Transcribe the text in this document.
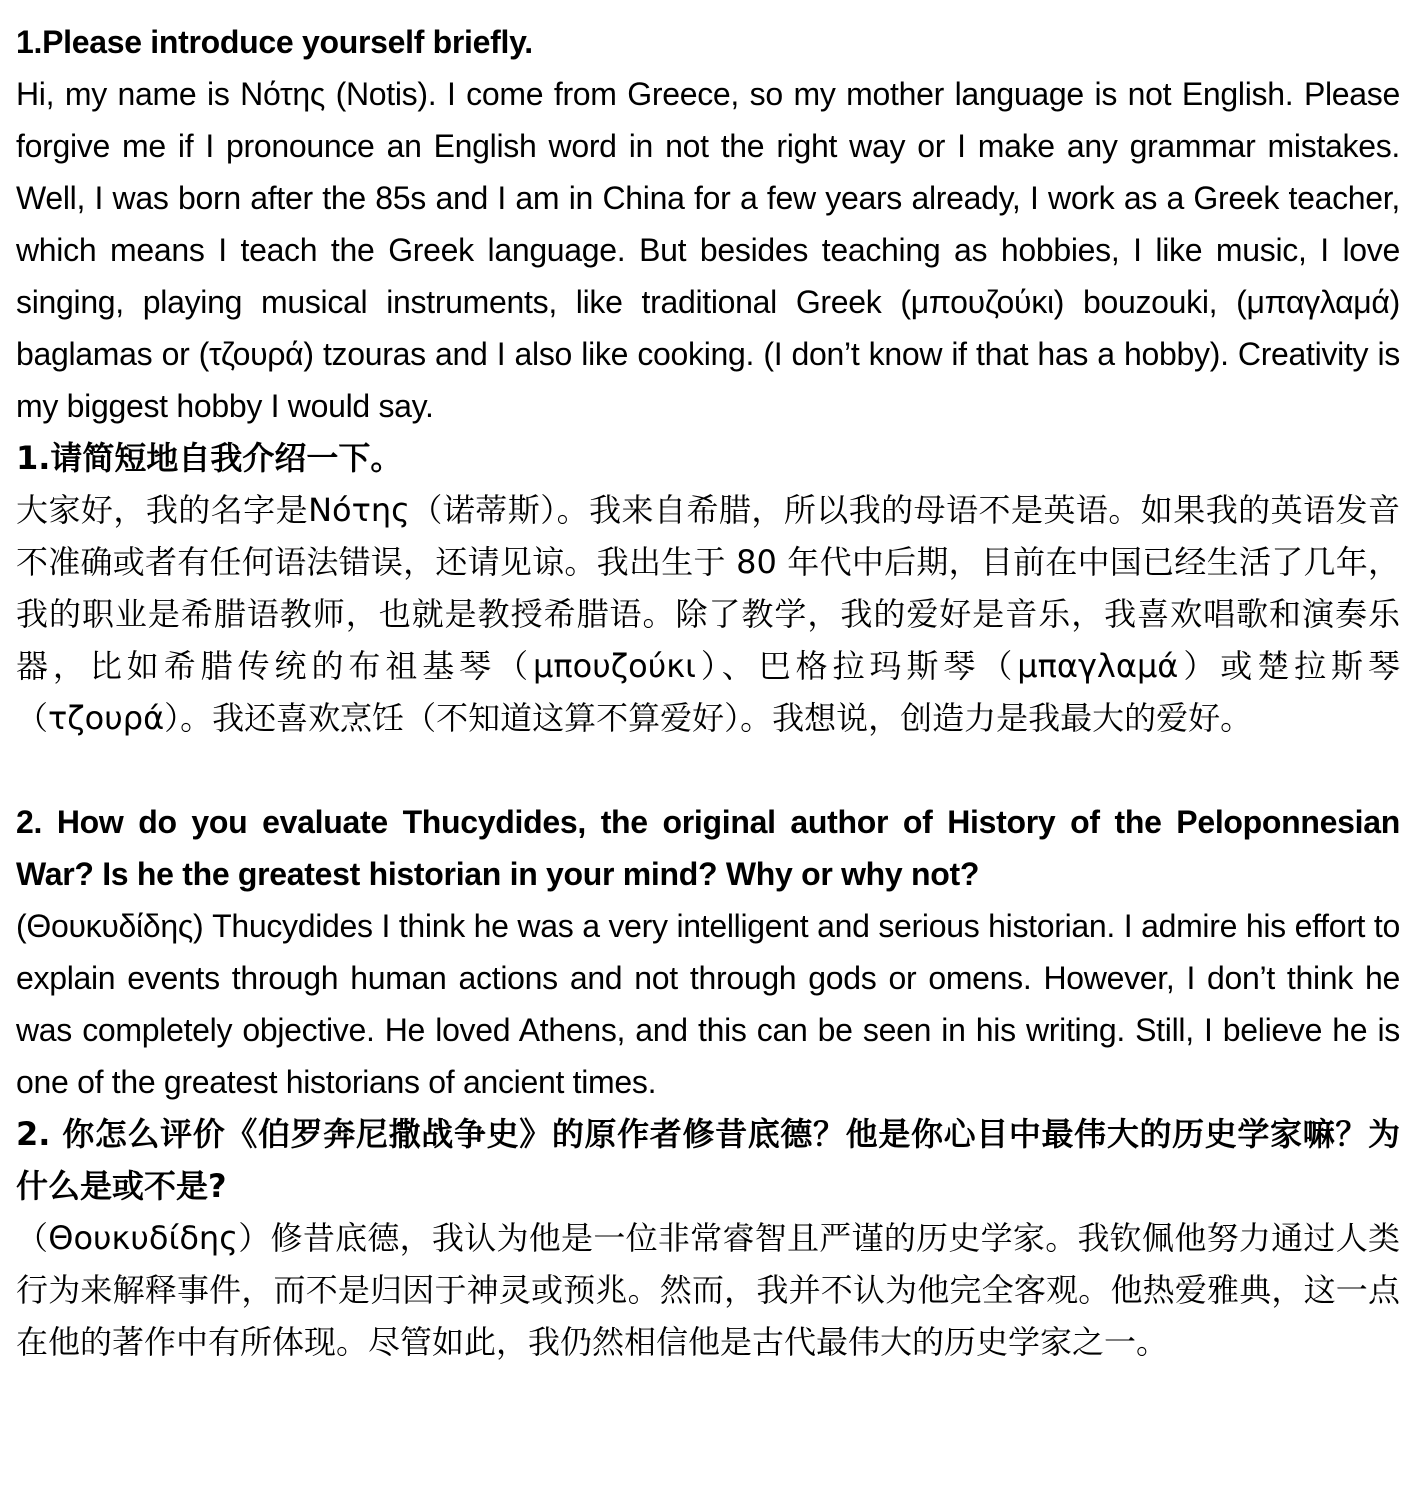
1.Please introduce yourself briefly.

Hi, my name is Νότης (Notis). I come from Greece, so my mother language is not English. Please forgive me if I pronounce an English word in not the right way or I make any grammar mistakes. Well, I was born after the 85s and I am in China for a few years already, I work as a Greek teacher, which means I teach the Greek language. But besides teaching as hobbies, I like music, I love singing, playing musical instruments, like traditional Greek (μπουζούκι) bouzouki, (μπαγλαμά) baglamas or (τζουρά) tzouras and I also like cooking. (I don’t know if that has a hobby). Creativity is my biggest hobby I would say.

1.请简短地自我介绍一下。

大家好，我的名字是Νότης（诺蒂斯）。我来自希腊，所以我的母语不是英语。如果我的英语发音不准确或者有任何语法错误，还请见谅。我出生于 80 年代中后期，目前在中国已经生活了几年，我的职业是希腊语教师，也就是教授希腊语。除了教学，我的爱好是音乐，我喜欢唱歌和演奏乐器，比如希腊传统的布祖基琴（μπουζούκι）、巴格拉玛斯琴（μπαγλαμά）或楚拉斯琴（τζουρά）。我还喜欢烹饪（不知道这算不算爱好）。我想说，创造力是我最大的爱好。

2. How do you evaluate Thucydides, the original author of History of the Peloponnesian War? Is he the greatest historian in your mind? Why or why not?

(Θουκυδίδης) Thucydides I think he was a very intelligent and serious historian. I admire his effort to explain events through human actions and not through gods or omens. However, I don’t think he was completely objective. He loved Athens, and this can be seen in his writing. Still, I believe he is one of the greatest historians of ancient times.

2. 你怎么评价《伯罗奔尼撒战争史》的原作者修昔底德？他是你心目中最伟大的历史学家嘛？为什么是或不是?

（Θουκυδίδης）修昔底德，我认为他是一位非常睿智且严谨的历史学家。我钦佩他努力通过人类行为来解释事件，而不是归因于神灵或预兆。然而，我并不认为他完全客观。他热爱雅典，这一点在他的著作中有所体现。尽管如此，我仍然相信他是古代最伟大的历史学家之一。
